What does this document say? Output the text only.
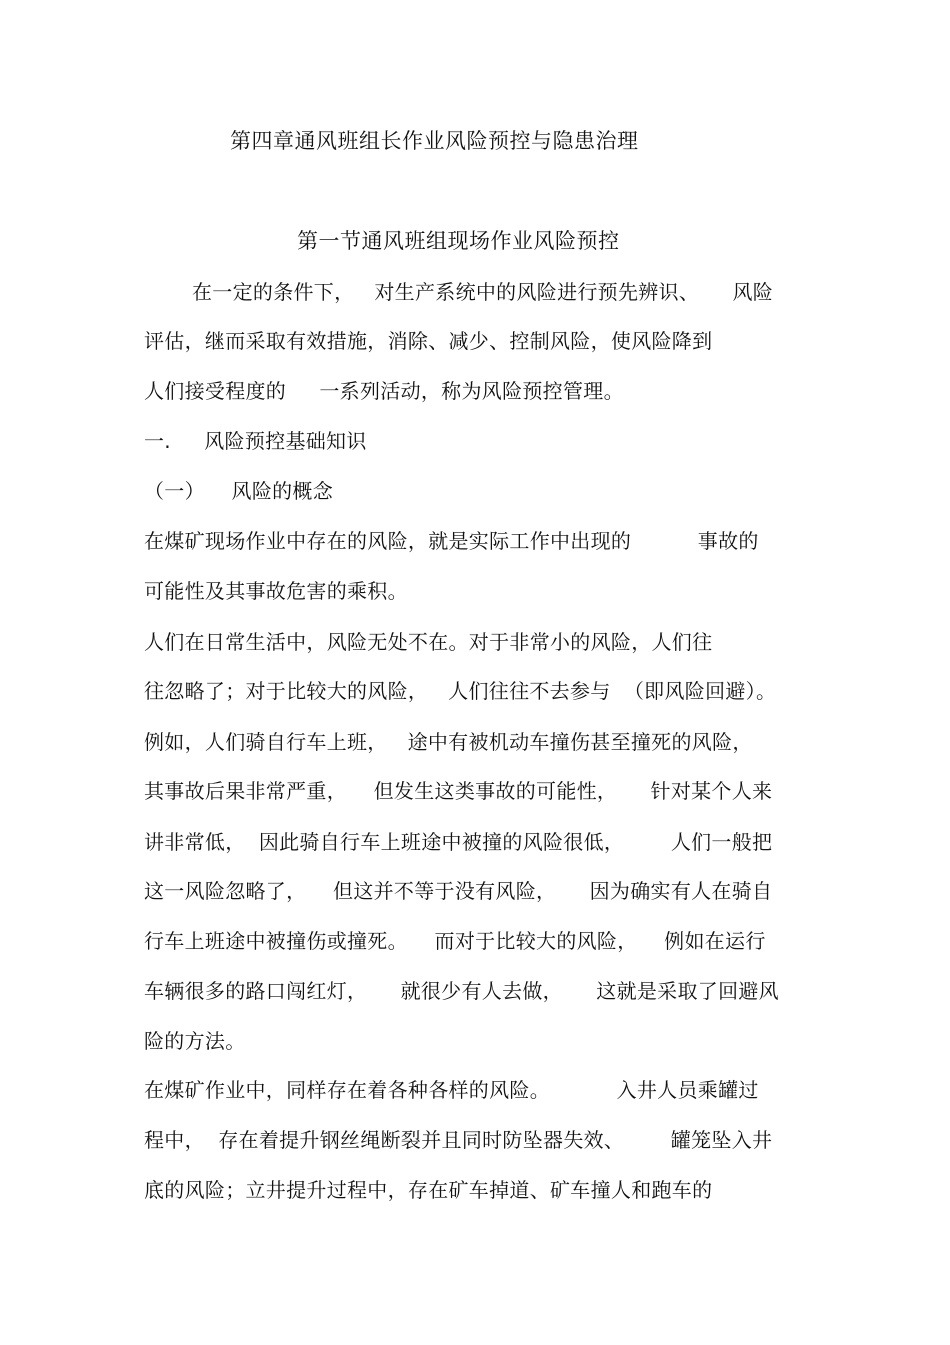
第四章通风班组长作业风险预控与隐患治理
第一节通风班组现场作业风险预控
在一定的条件下，   对生产系统中的风险进行预先辨识、     风险
评估，继而采取有效措施，消除、减少、控制风险，使风险降到
人们接受程度的     一系列活动，称为风险预控管理。
一.     风险预控基础知识
（一）    风险的概念
在煤矿现场作业中存在的风险，就是实际工作中出现的          事故的
可能性及其事故危害的乘积。
人们在日常生活中，风险无处不在。对于非常小的风险，人们往
往忽略了；对于比较大的风险，   人们往往不去参与  （即风险回避）。
例如，人们骑自行车上班，   途中有被机动车撞伤甚至撞死的风险，
其事故后果非常严重，    但发生这类事故的可能性，     针对某个人来
讲非常低，  因此骑自行车上班途中被撞的风险很低，       人们一般把
这一风险忽略了，    但这并不等于没有风险，     因为确实有人在骑自
行车上班途中被撞伤或撞死。    而对于比较大的风险，    例如在运行
车辆很多的路口闯红灯，     就很少有人去做，     这就是采取了回避风
险的方法。
在煤矿作业中，同样存在着各种各样的风险。          入井人员乘罐过
程中，  存在着提升钢丝绳断裂并且同时防坠器失效、       罐笼坠入井
底的风险；立井提升过程中，存在矿车掉道、矿车撞人和跑车的
